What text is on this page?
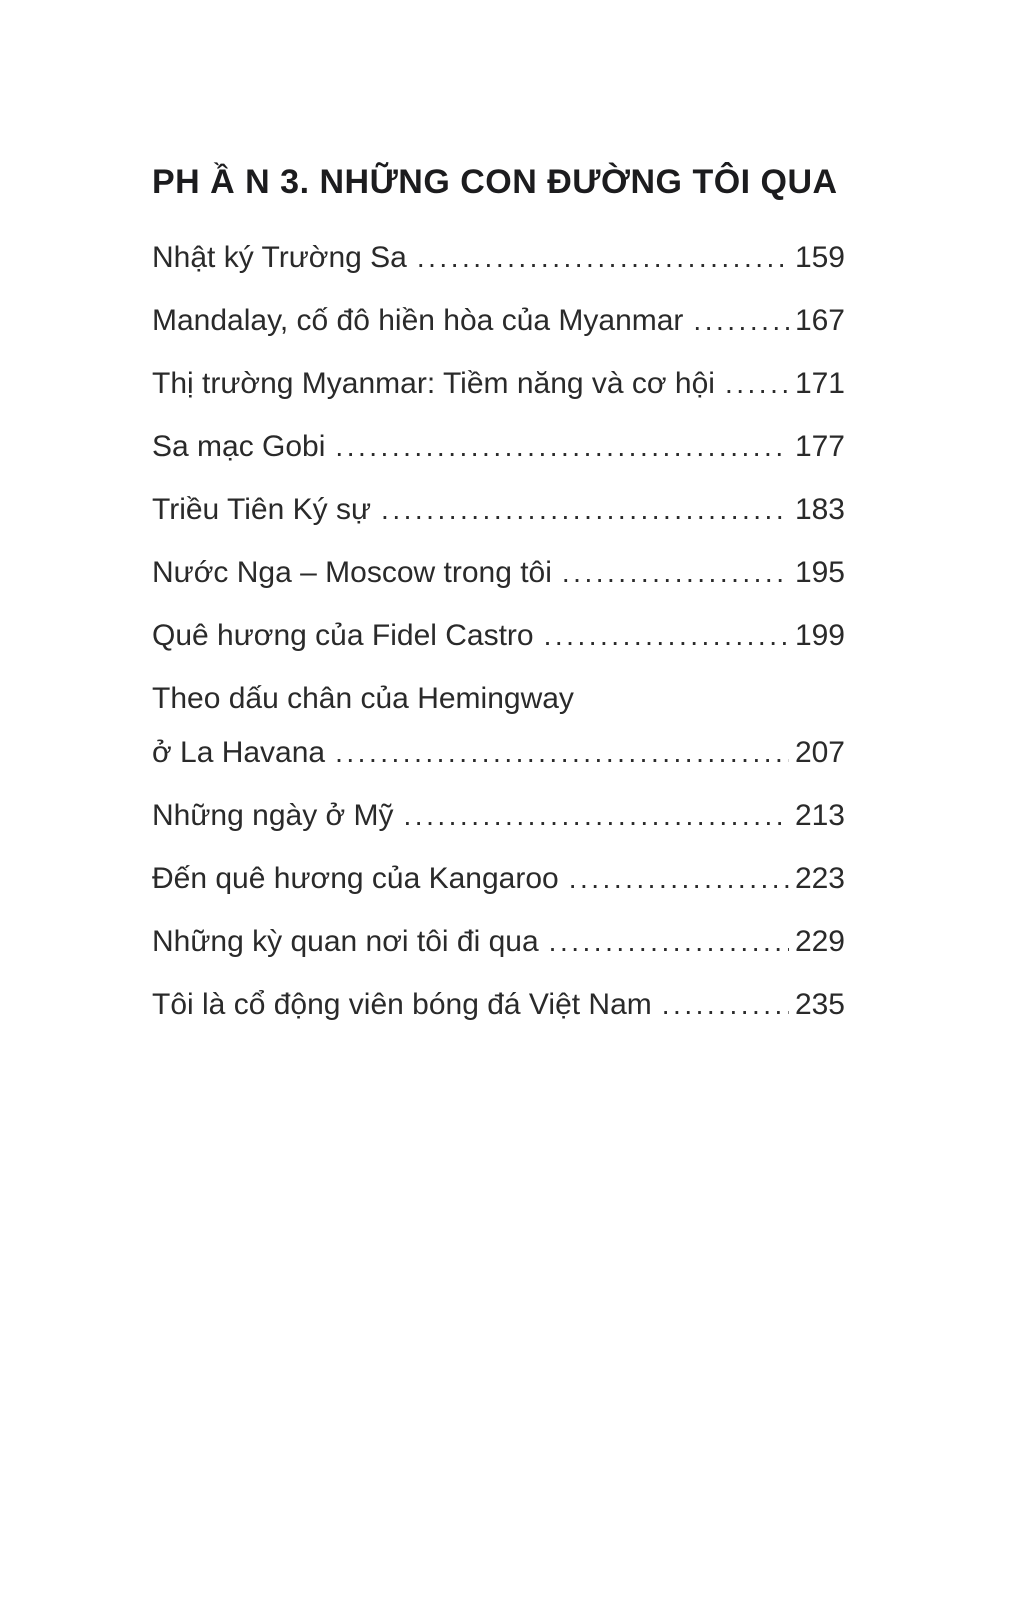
PH Ầ N 3. NHỮNG CON ĐƯỜNG TÔI QUA
Nhật ký Trường Sa .....	159
Mandalay, cố đô hiền hòa của Myanmar .....	167
Thị trường Myanmar: Tiềm năng và cơ hội .....	171
Sa mạc Gobi .....	177
Triều Tiên Ký sự .....	183
Nước Nga – Moscow trong tôi .....	195
Quê hương của Fidel Castro .....	199
Theo dấu chân của Hemingway
ở La Havana .....	207
Những ngày ở Mỹ .....	213
Đến quê hương của Kangaroo .....	223
Những kỳ quan nơi tôi đi qua .....	229
Tôi là cổ động viên bóng đá Việt Nam .....	235
